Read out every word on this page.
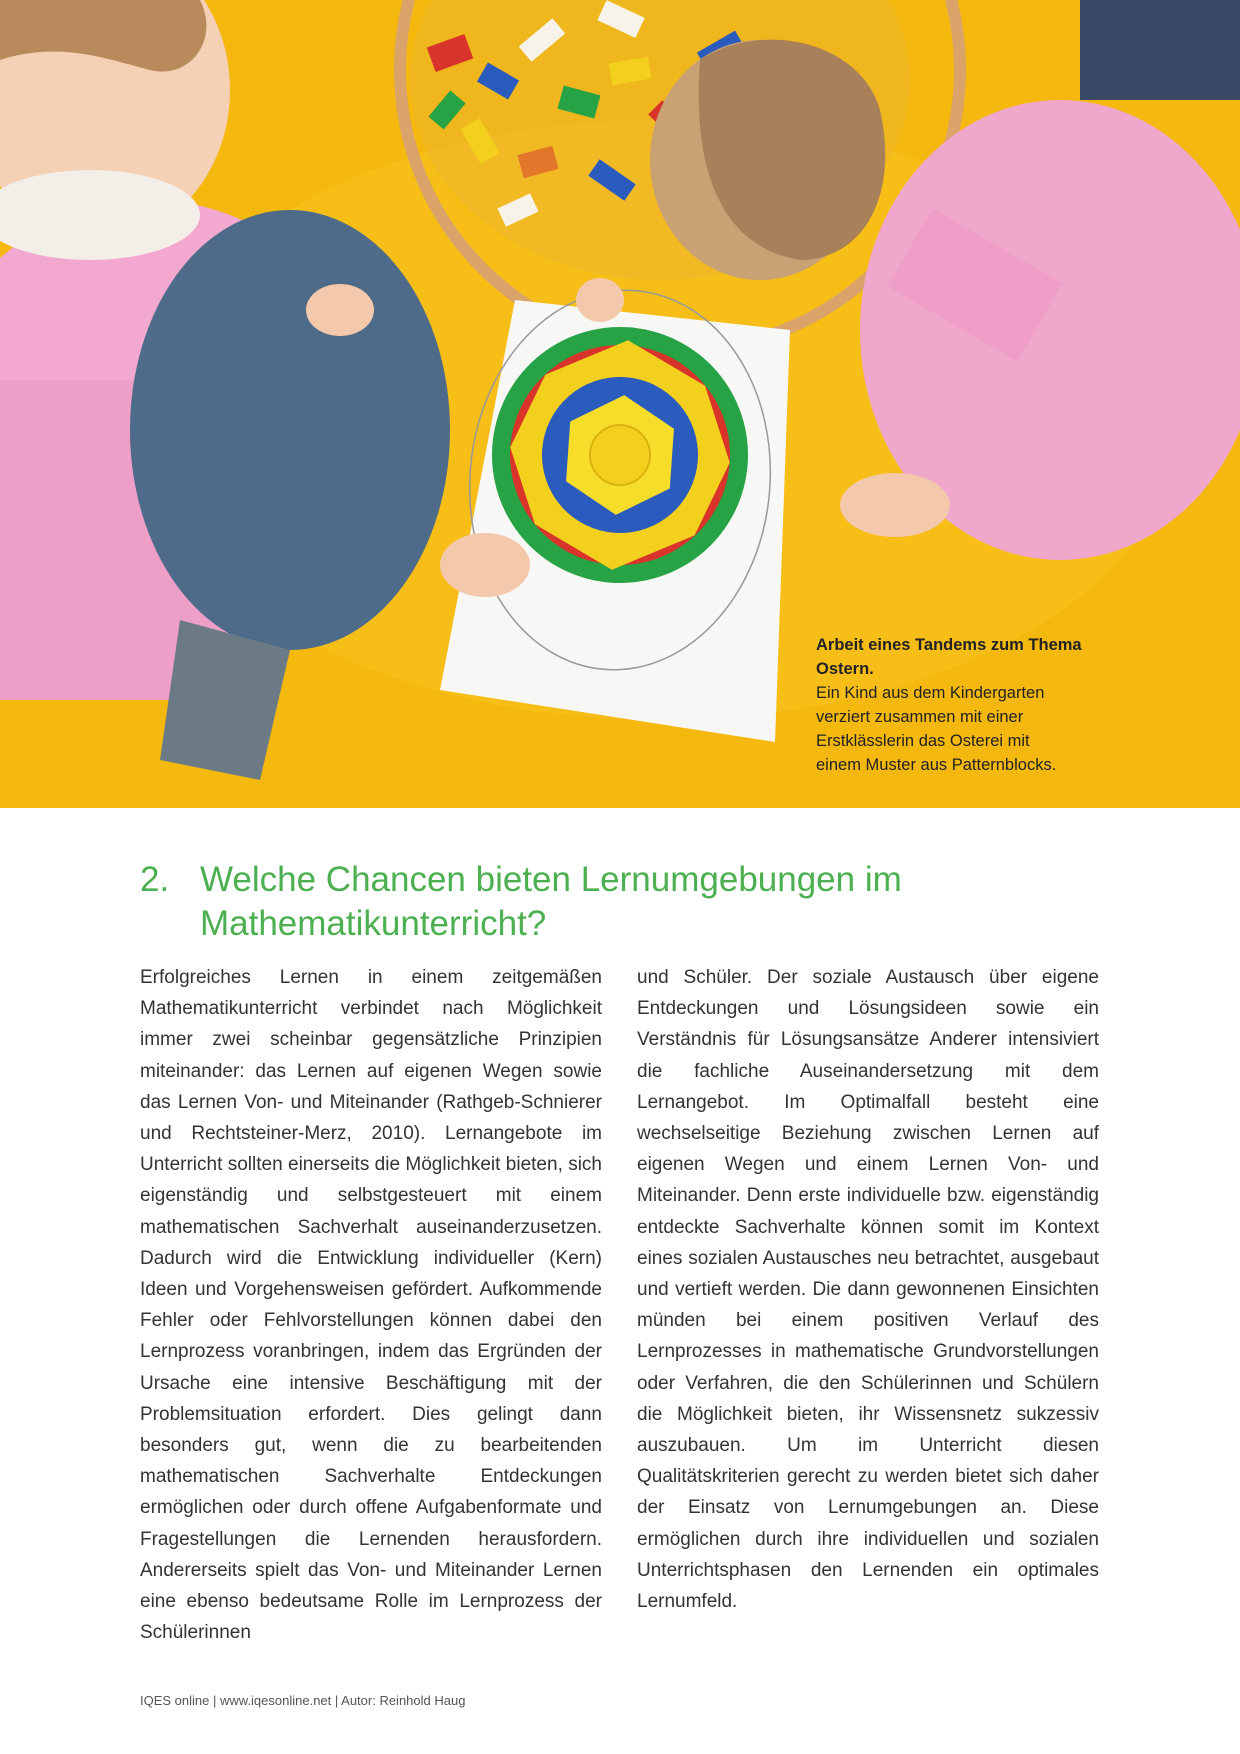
Arbeit eines Tandems zum Thema Ostern.
Ein Kind aus dem Kindergarten
verziert zusammen mit einer
Erstklässlerin das Osterei mit
einem Muster aus Patternblocks.
2. Welche Chancen bieten Lernumgebungen im Mathematikunterricht?
Erfolgreiches Lernen in einem zeitgemäßen Mathematikunterricht verbindet nach Möglichkeit immer zwei scheinbar gegensätzliche Prinzipien miteinander: das Lernen auf eigenen Wegen sowie das Lernen Von- und Miteinander (Rathgeb-Schnierer und Rechtsteiner-Merz, 2010). Lernangebote im Unterricht sollten einerseits die Möglichkeit bieten, sich eigenständig und selbstgesteuert mit einem mathematischen Sachverhalt auseinanderzusetzen. Dadurch wird die Entwicklung individueller (Kern) Ideen und Vorgehensweisen gefördert. Aufkommende Fehler oder Fehlvorstellungen können dabei den Lernprozess voranbringen, indem das Ergründen der Ursache eine intensive Beschäftigung mit der Problemsituation erfordert. Dies gelingt dann besonders gut, wenn die zu bearbeitenden mathematischen Sachverhalte Entdeckungen ermöglichen oder durch offene Aufgabenformate und Fragestellungen die Lernenden herausfordern. Andererseits spielt das Von- und Miteinander Lernen eine ebenso bedeutsame Rolle im Lernprozess der Schülerinnen
und Schüler. Der soziale Austausch über eigene Entdeckungen und Lösungsideen sowie ein Verständnis für Lösungsansätze Anderer intensiviert die fachliche Auseinandersetzung mit dem Lernangebot. Im Optimalfall besteht eine wechselseitige Beziehung zwischen Lernen auf eigenen Wegen und einem Lernen Von- und Miteinander. Denn erste individuelle bzw. eigenständig entdeckte Sachverhalte können somit im Kontext eines sozialen Austausches neu betrachtet, ausgebaut und vertieft werden. Die dann gewonnenen Einsichten münden bei einem positiven Verlauf des Lernprozesses in mathematische Grundvorstellungen oder Verfahren, die den Schülerinnen und Schülern die Möglichkeit bieten, ihr Wissensnetz sukzessiv auszubauen. Um im Unterricht diesen Qualitätskriterien gerecht zu werden bietet sich daher der Einsatz von Lernumgebungen an. Diese ermöglichen durch ihre individuellen und sozialen Unterrichtsphasen den Lernenden ein optimales Lernumfeld.
IQES online | www.iqesonline.net | Autor: Reinhold Haug
